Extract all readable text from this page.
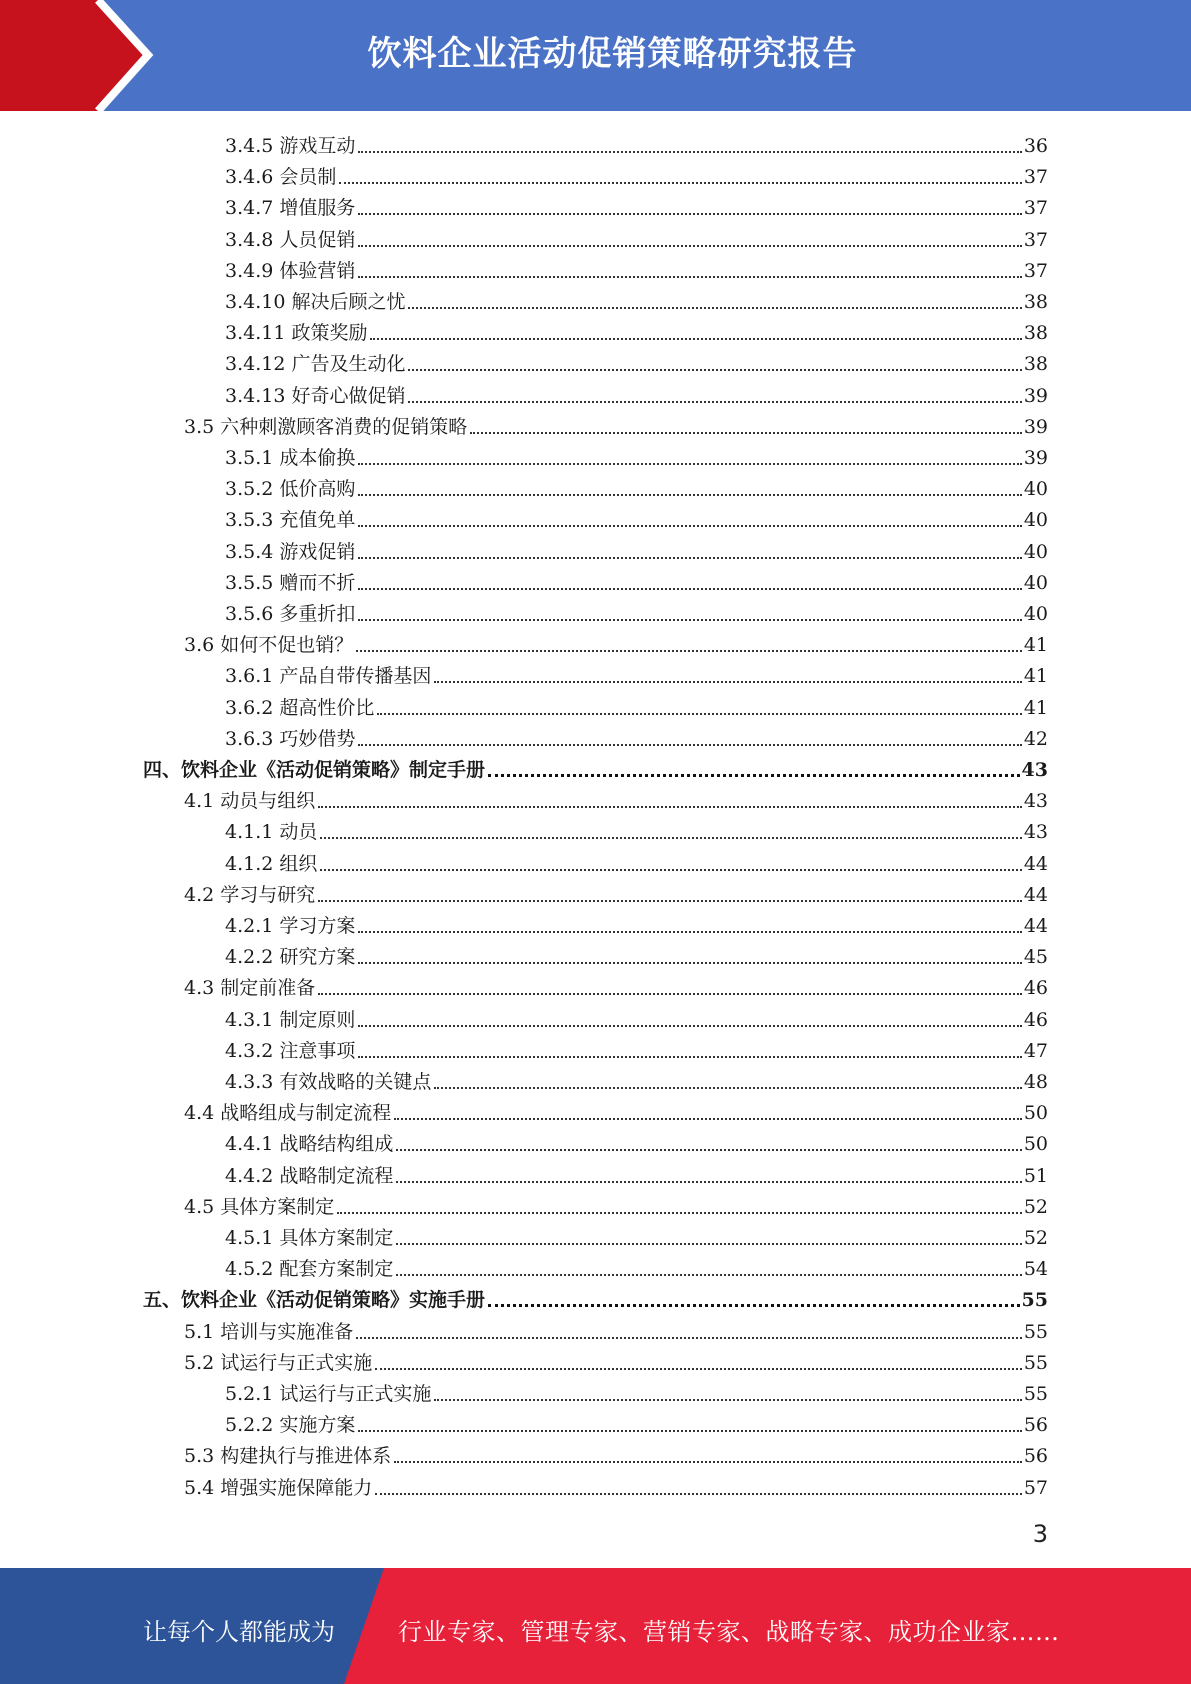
饮料企业活动促销策略研究报告
3.4.5 游戏互动	36
3.4.6 会员制	37
3.4.7 增值服务	37
3.4.8 人员促销	37
3.4.9 体验营销	37
3.4.10 解决后顾之忧	38
3.4.11 政策奖励	38
3.4.12 广告及生动化	38
3.4.13 好奇心做促销	39
3.5 六种刺激顾客消费的促销策略	39
3.5.1 成本偷换	39
3.5.2 低价高购	40
3.5.3 充值免单	40
3.5.4 游戏促销	40
3.5.5 赠而不折	40
3.5.6 多重折扣	40
3.6 如何不促也销？	41
3.6.1 产品自带传播基因	41
3.6.2 超高性价比	41
3.6.3 巧妙借势	42
四、饮料企业《活动促销策略》制定手册	43
4.1 动员与组织	43
4.1.1 动员	43
4.1.2 组织	44
4.2 学习与研究	44
4.2.1 学习方案	44
4.2.2 研究方案	45
4.3 制定前准备	46
4.3.1 制定原则	46
4.3.2 注意事项	47
4.3.3 有效战略的关键点	48
4.4 战略组成与制定流程	50
4.4.1 战略结构组成	50
4.4.2 战略制定流程	51
4.5 具体方案制定	52
4.5.1 具体方案制定	52
4.5.2 配套方案制定	54
五、饮料企业《活动促销策略》实施手册	55
5.1 培训与实施准备	55
5.2 试运行与正式实施	55
5.2.1 试运行与正式实施	55
5.2.2 实施方案	56
5.3 构建执行与推进体系	56
5.4 增强实施保障能力	57
3
让每个人都能成为	行业专家、管理专家、营销专家、战略专家、成功企业家……
